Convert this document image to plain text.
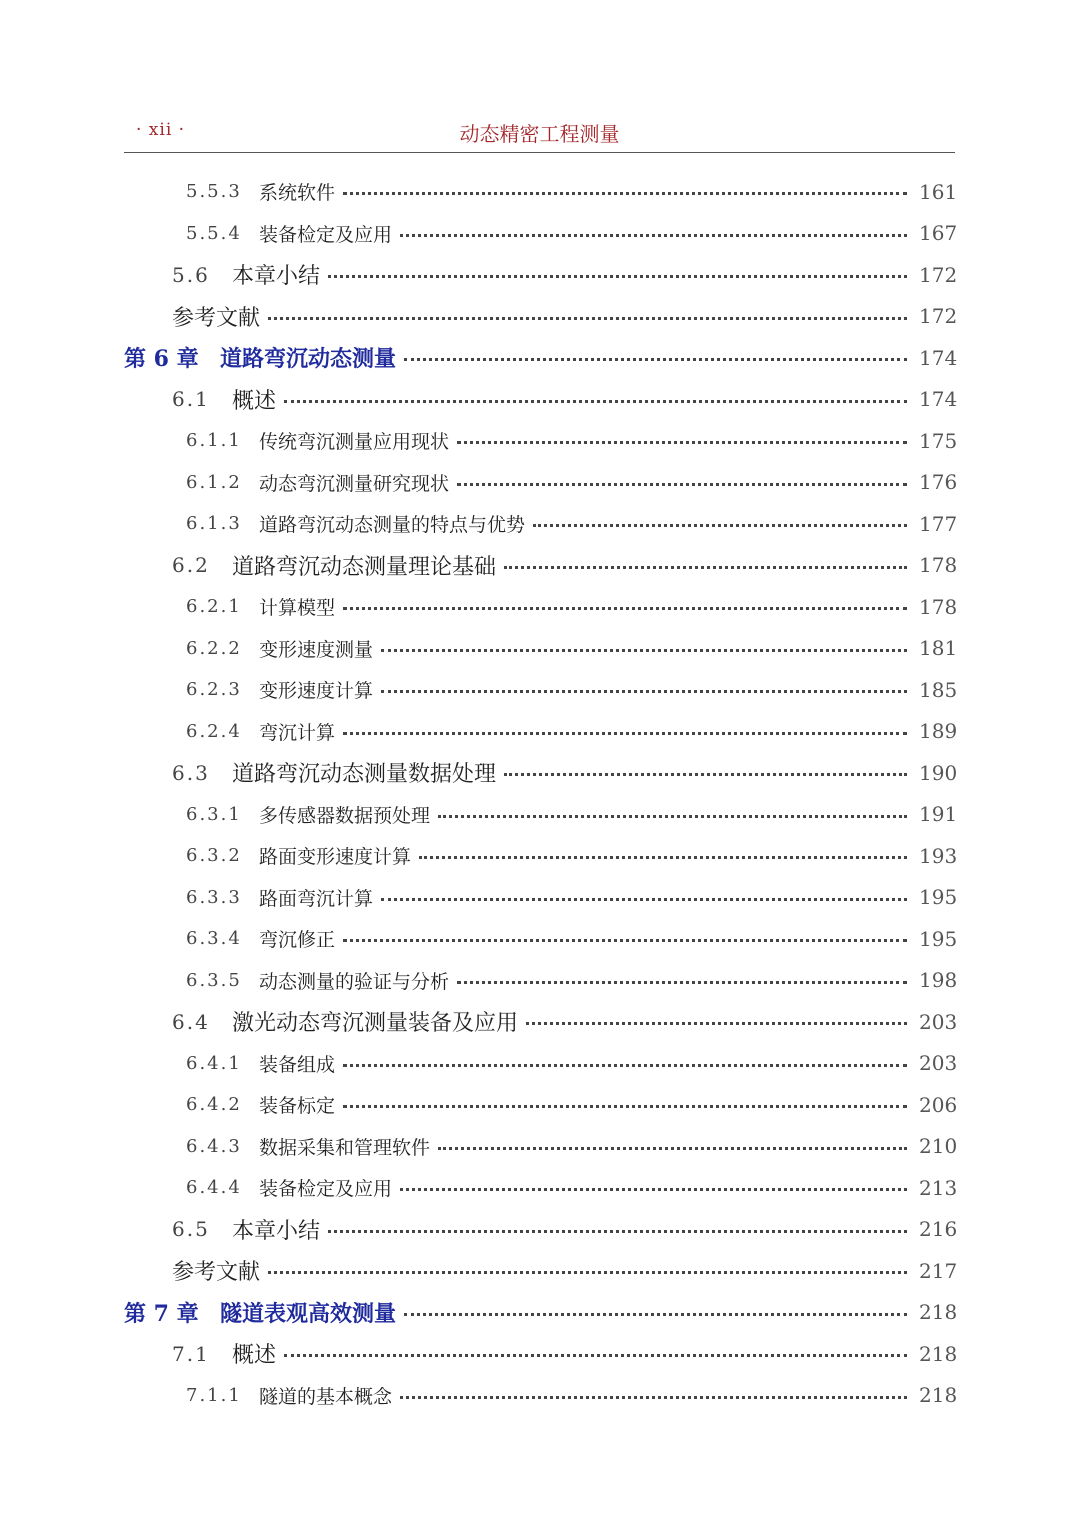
· xii ·	动态精密工程测量
5.5.3 系统软件	161
5.5.4 装备检定及应用	167
5.6	本章小结	172
参考文献	172
第 6 章 道路弯沉动态测量	174
6.1	概述	174
6.1.1 传统弯沉测量应用现状	175
6.1.2 动态弯沉测量研究现状	176
6.1.3 道路弯沉动态测量的特点与优势	177
6.2	道路弯沉动态测量理论基础	178
6.2.1 计算模型	178
6.2.2 变形速度测量	181
6.2.3 变形速度计算	185
6.2.4 弯沉计算	189
6.3	道路弯沉动态测量数据处理	190
6.3.1 多传感器数据预处理	191
6.3.2 路面变形速度计算	193
6.3.3 路面弯沉计算	195
6.3.4 弯沉修正	195
6.3.5 动态测量的验证与分析	198
6.4	激光动态弯沉测量装备及应用	203
6.4.1 装备组成	203
6.4.2 装备标定	206
6.4.3 数据采集和管理软件	210
6.4.4 装备检定及应用	213
6.5	本章小结	216
参考文献	217
第 7 章 隧道表观高效测量	218
7.1	概述	218
7.1.1 隧道的基本概念	218
